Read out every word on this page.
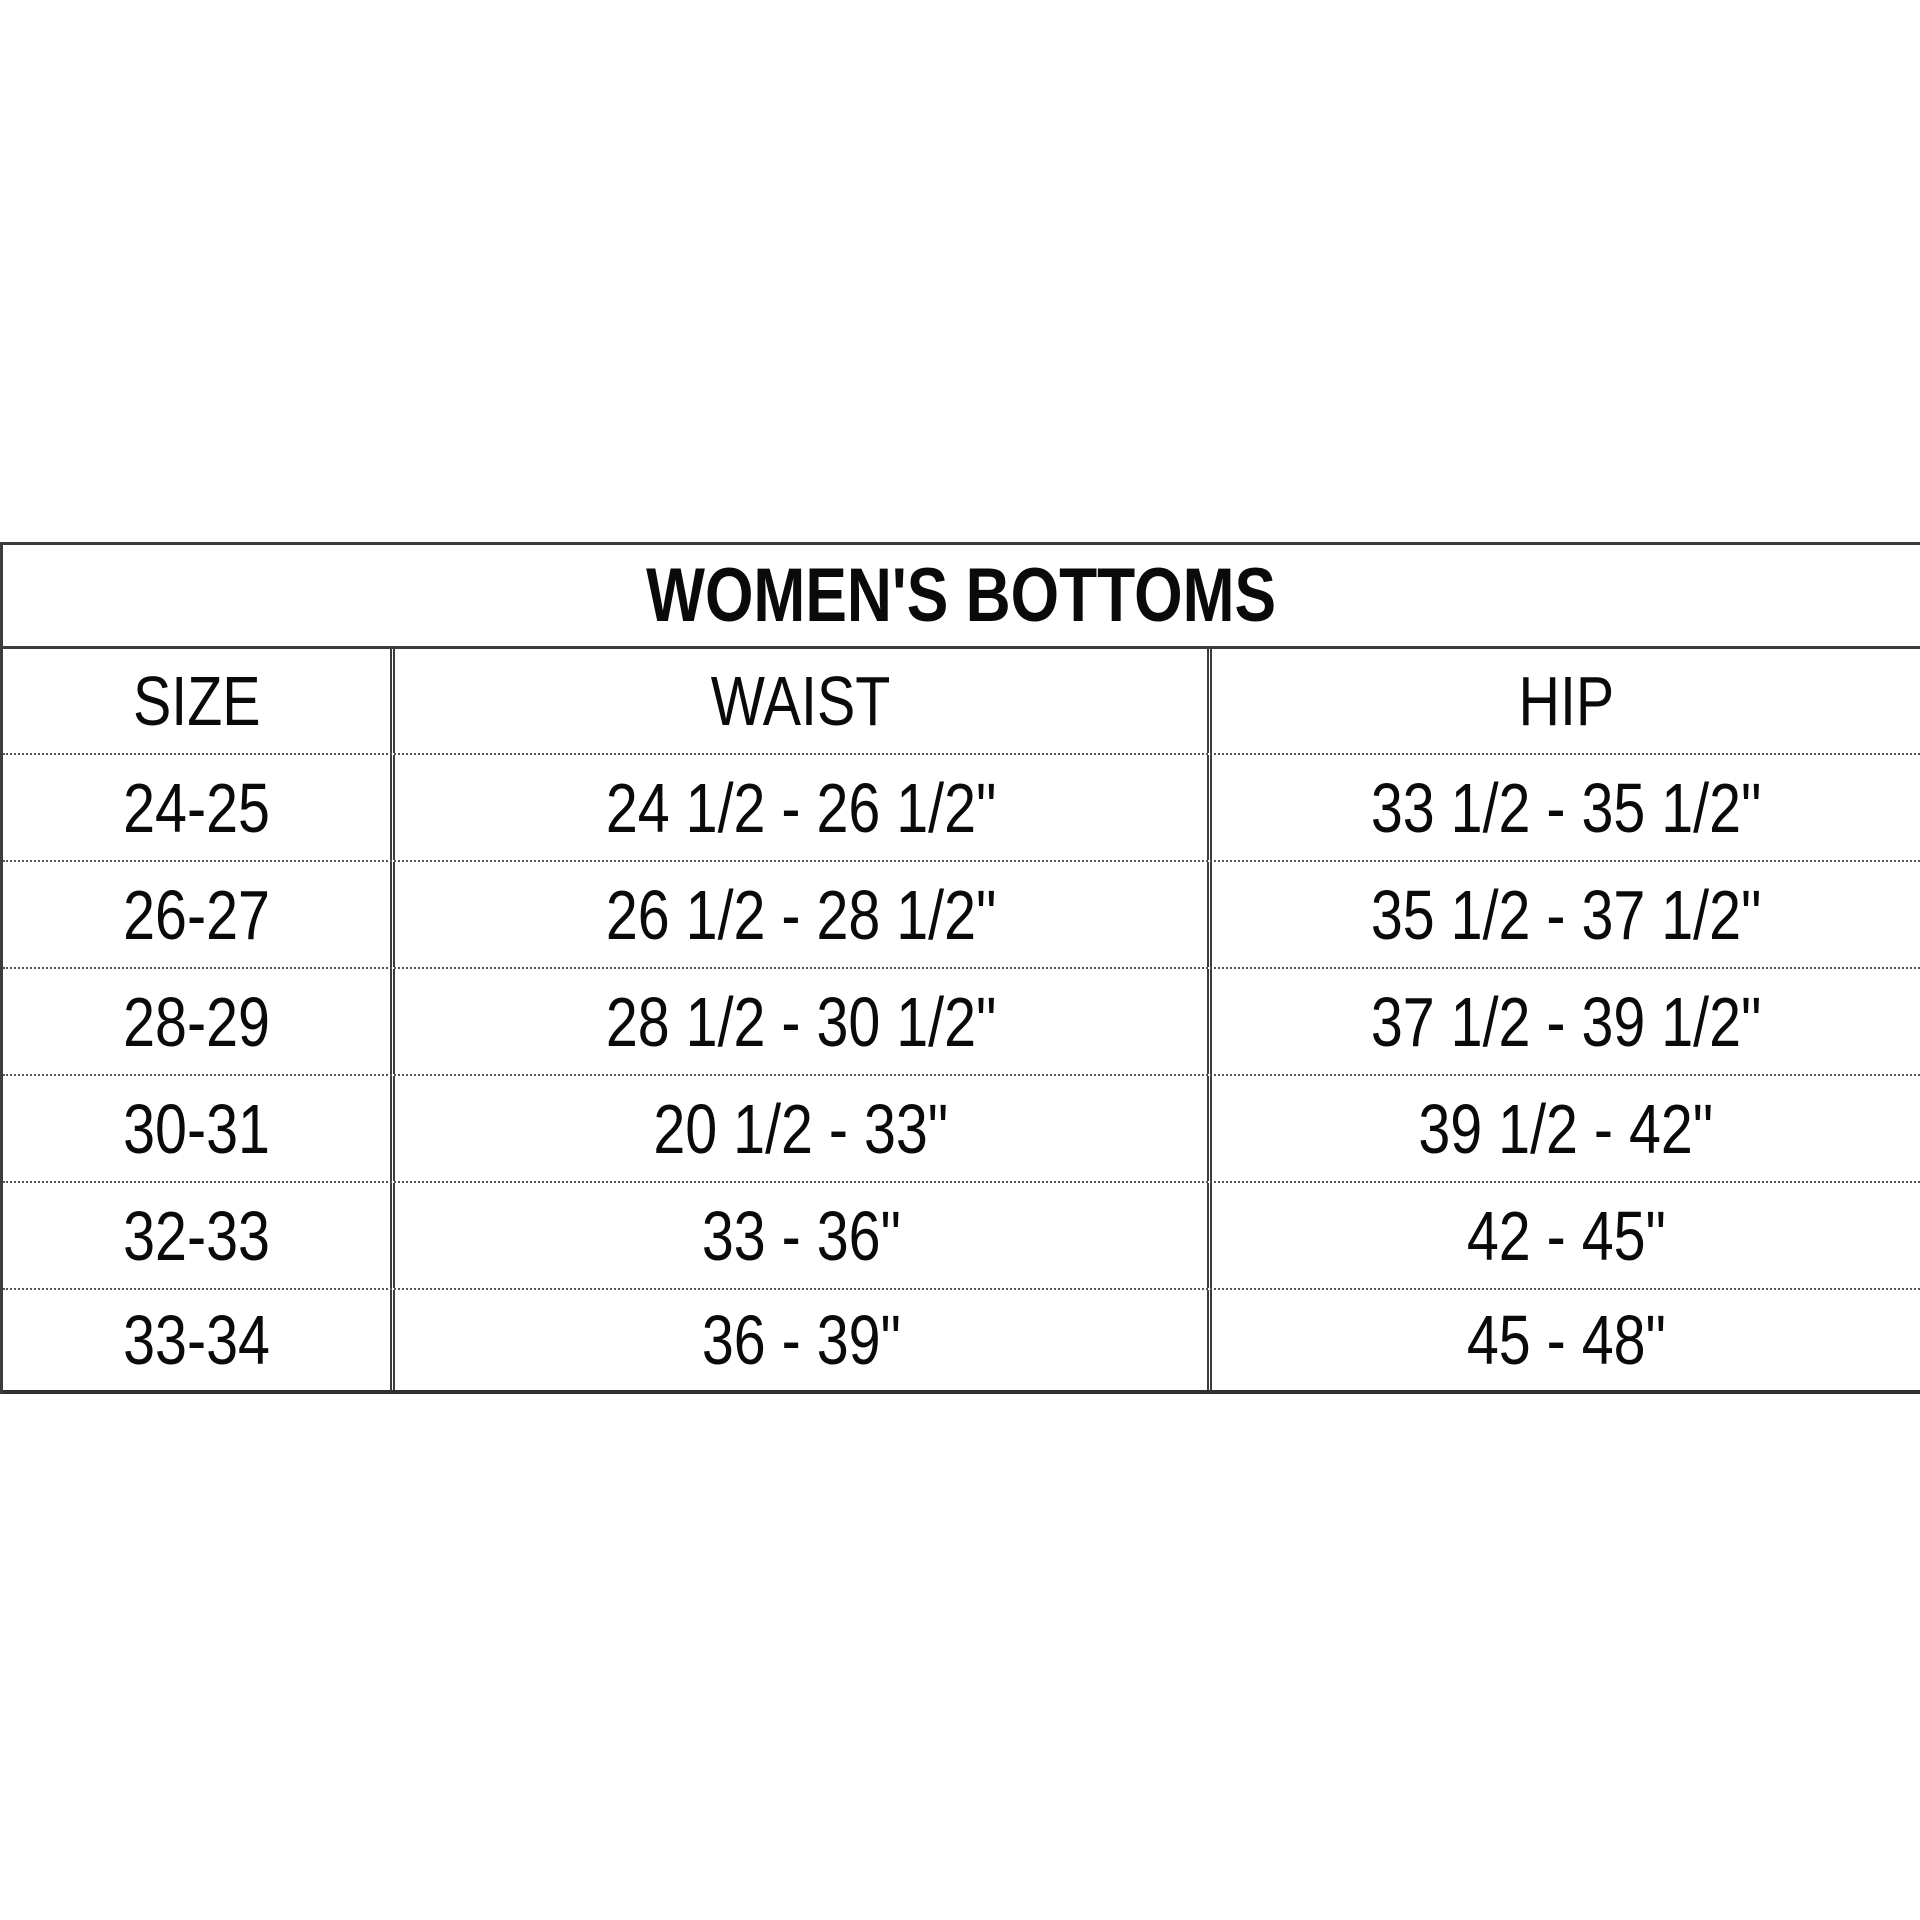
WOMEN'S BOTTOMS
SIZE	WAIST	HIP
24-25	24 1/2 - 26 1/2"	33 1/2 - 35 1/2"
26-27	26 1/2 - 28 1/2"	35 1/2 - 37 1/2"
28-29	28 1/2 - 30 1/2"	37 1/2 - 39 1/2"
30-31	20 1/2 - 33"	39 1/2 - 42"
32-33	33 - 36"	42 - 45"
33-34	36 - 39"	45 - 48"
